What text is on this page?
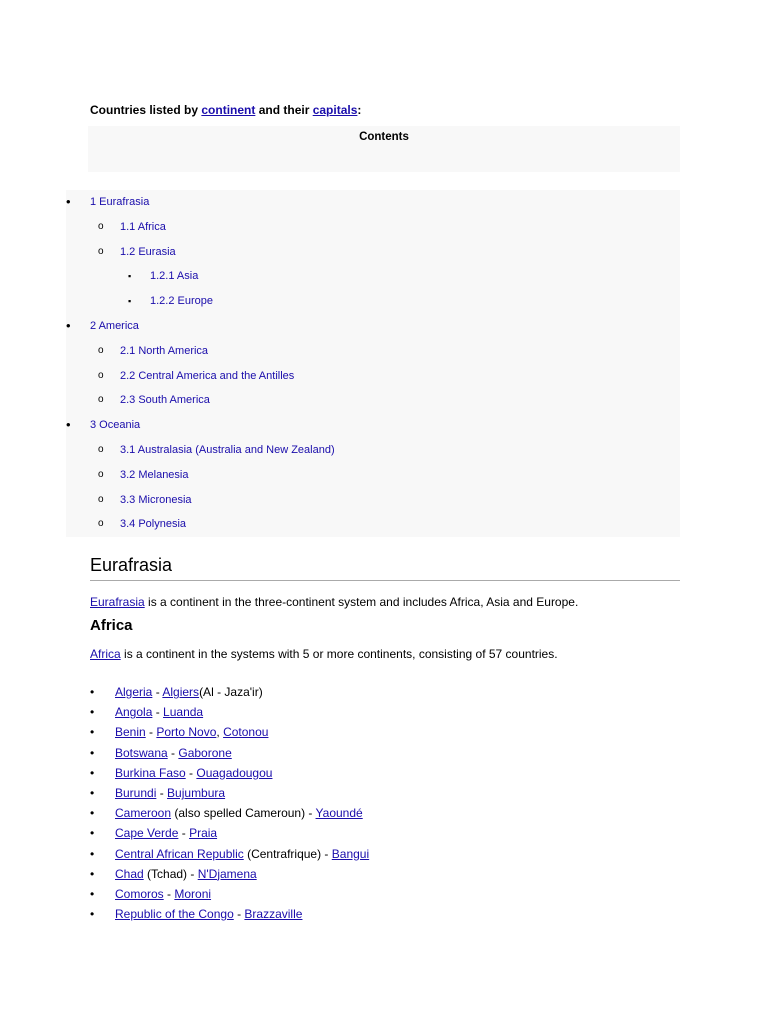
Countries listed by continent and their capitals:
Contents
• 1 Eurafrasia
o 1.1 Africa
o 1.2 Eurasia
▪ 1.2.1 Asia
▪ 1.2.2 Europe
• 2 America
o 2.1 North America
o 2.2 Central America and the Antilles
o 2.3 South America
• 3 Oceania
o 3.1 Australasia (Australia and New Zealand)
o 3.2 Melanesia
o 3.3 Micronesia
o 3.4 Polynesia
Eurafrasia
Eurafrasia is a continent in the three-continent system and includes Africa, Asia and Europe.
Africa
Africa is a continent in the systems with 5 or more continents, consisting of 57 countries.
• Algeria - Algiers(Al - Jaza'ir)
• Angola - Luanda
• Benin - Porto Novo, Cotonou
• Botswana - Gaborone
• Burkina Faso - Ouagadougou
• Burundi - Bujumbura
• Cameroon (also spelled Cameroun) - Yaoundé
• Cape Verde - Praia
• Central African Republic (Centrafrique) - Bangui
• Chad (Tchad) - N'Djamena
• Comoros - Moroni
• Republic of the Congo - Brazzaville
